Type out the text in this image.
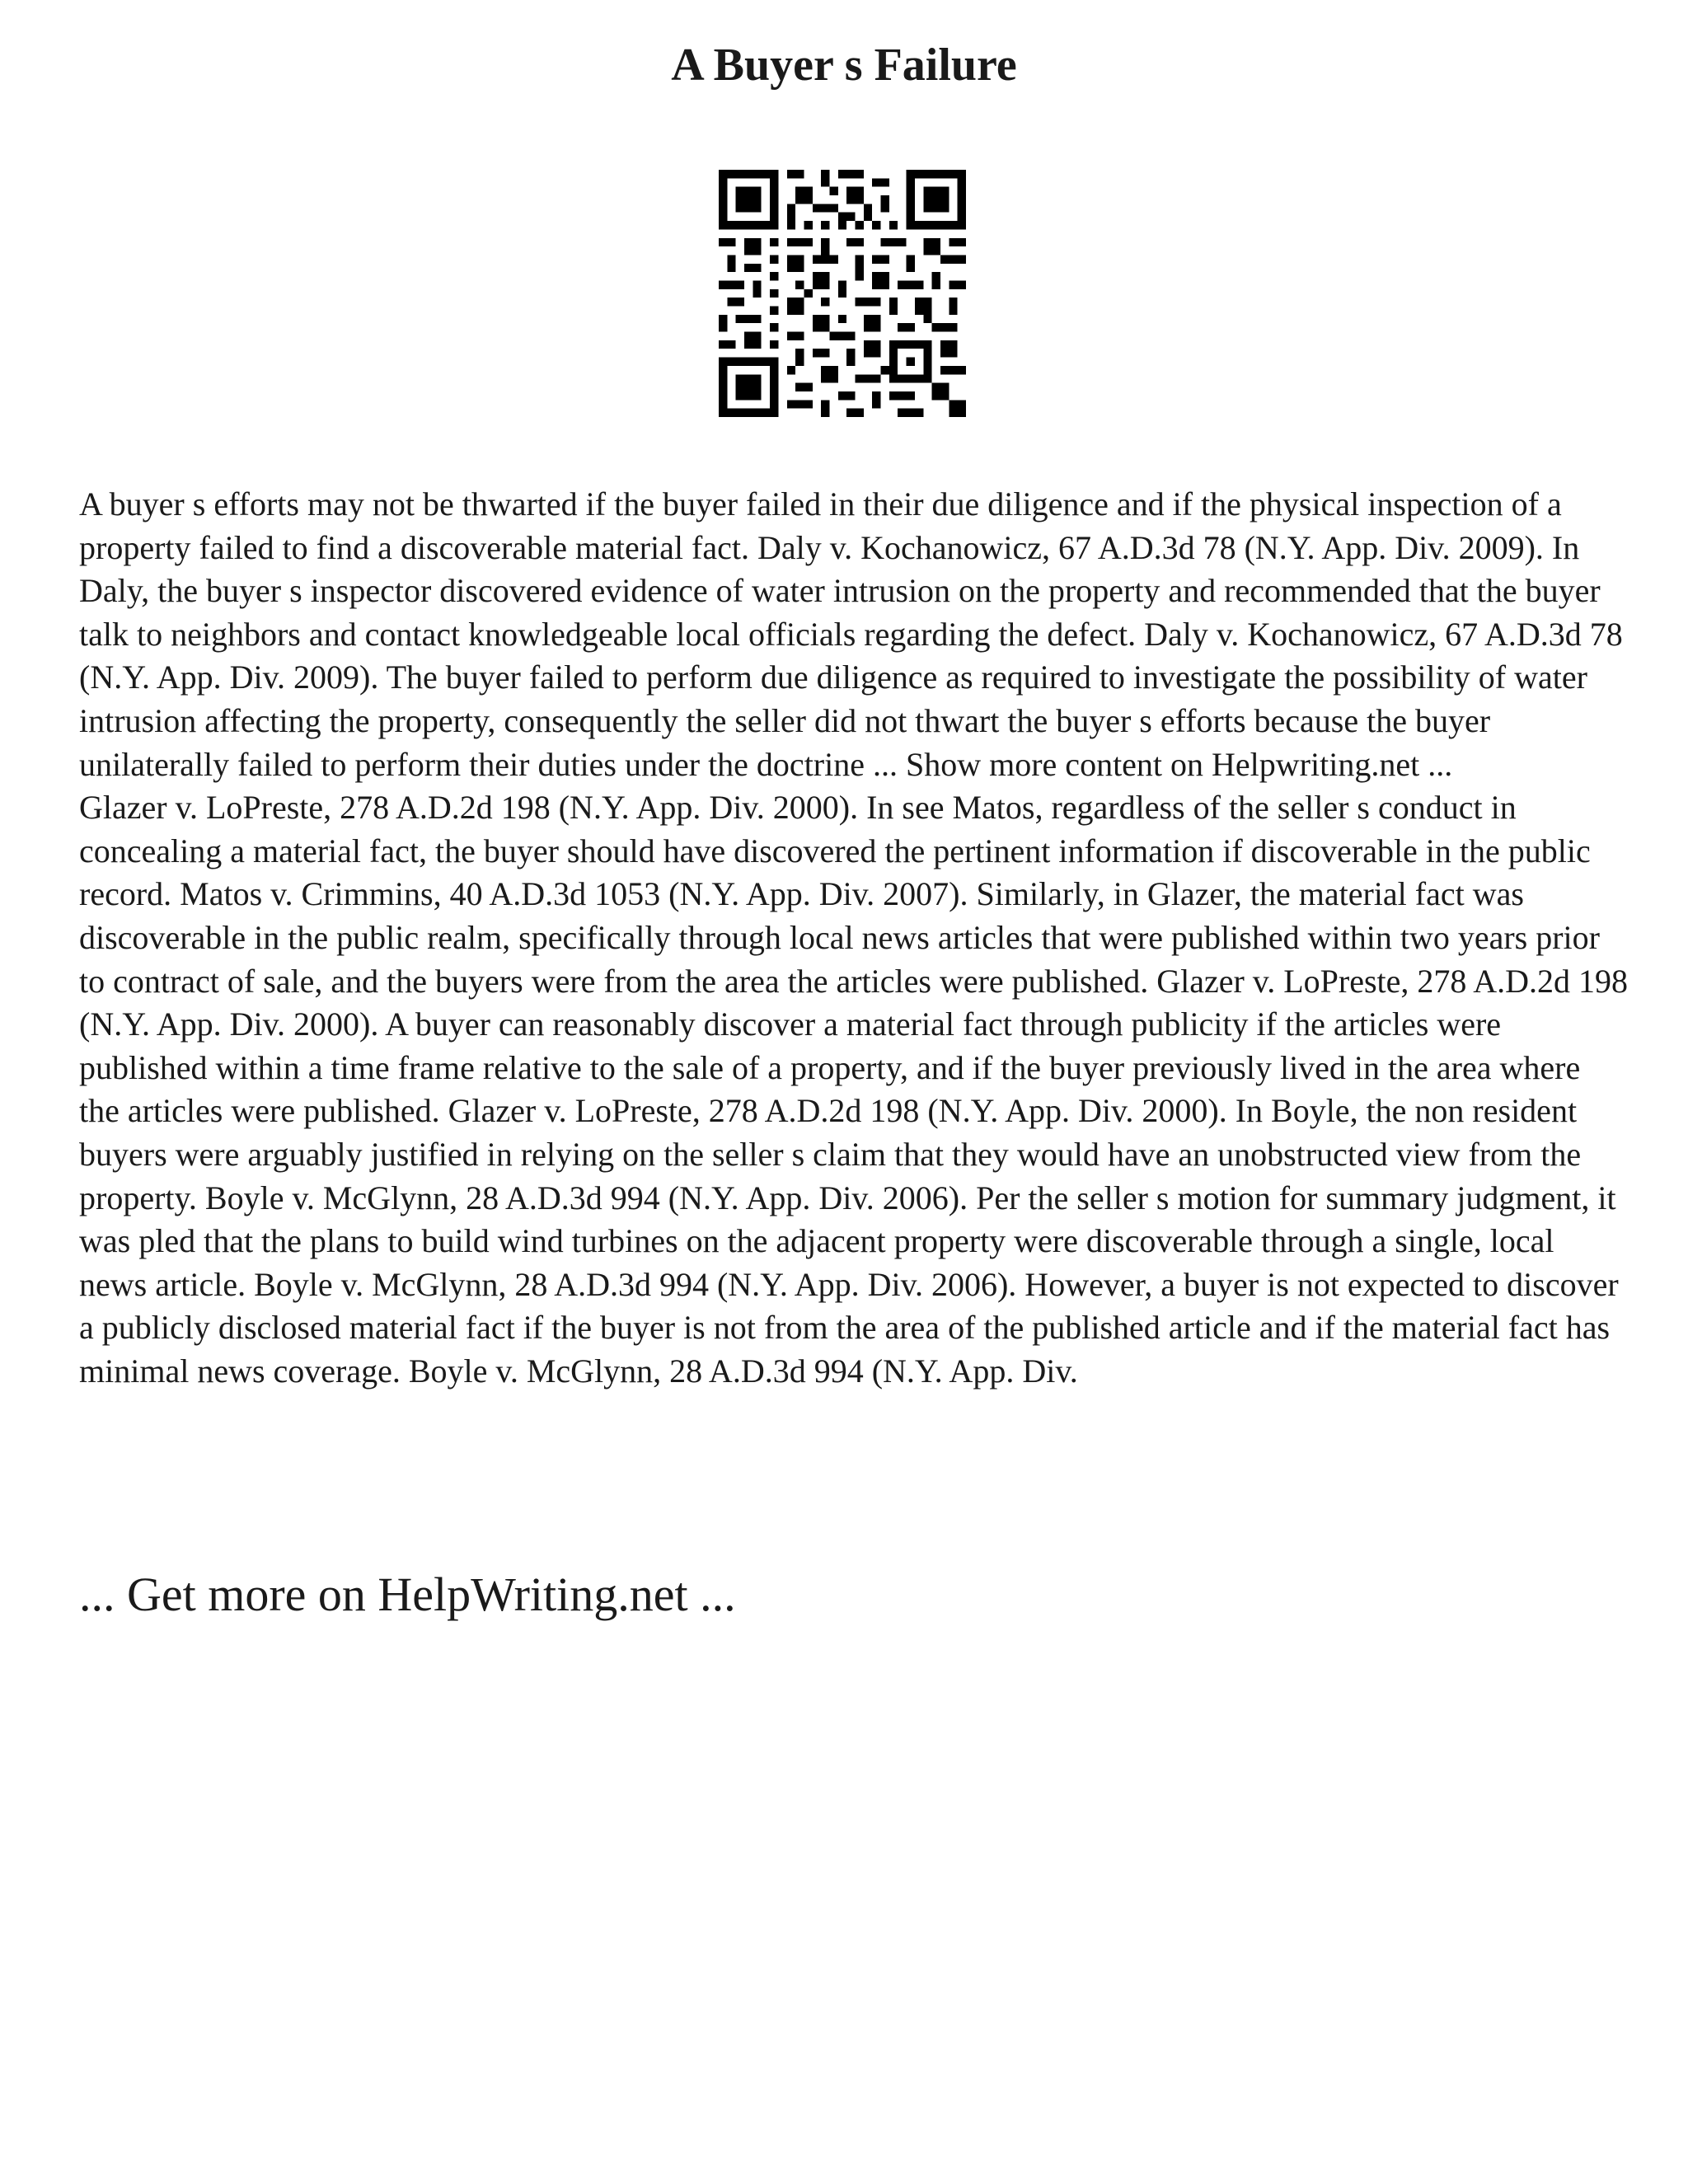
A Buyer s Failure

A buyer s efforts may not be thwarted if the buyer failed in their due diligence and if the physical inspection of a property failed to find a discoverable material fact. Daly v. Kochanowicz, 67 A.D.3d 78 (N.Y. App. Div. 2009). In Daly, the buyer s inspector discovered evidence of water intrusion on the property and recommended that the buyer talk to neighbors and contact knowledgeable local officials regarding the defect. Daly v. Kochanowicz, 67 A.D.3d 78 (N.Y. App. Div. 2009). The buyer failed to perform due diligence as required to investigate the possibility of water intrusion affecting the property, consequently the seller did not thwart the buyer s efforts because the buyer unilaterally failed to perform their duties under the doctrine ... Show more content on Helpwriting.net ...

Glazer v. LoPreste, 278 A.D.2d 198 (N.Y. App. Div. 2000). In see Matos, regardless of the seller s conduct in concealing a material fact, the buyer should have discovered the pertinent information if discoverable in the public record. Matos v. Crimmins, 40 A.D.3d 1053 (N.Y. App. Div. 2007). Similarly, in Glazer, the material fact was discoverable in the public realm, specifically through local news articles that were published within two years prior to contract of sale, and the buyers were from the area the articles were published. Glazer v. LoPreste, 278 A.D.2d 198 (N.Y. App. Div. 2000). A buyer can reasonably discover a material fact through publicity if the articles were published within a time frame relative to the sale of a property, and if the buyer previously lived in the area where the articles were published. Glazer v. LoPreste, 278 A.D.2d 198 (N.Y. App. Div. 2000). In Boyle, the non resident buyers were arguably justified in relying on the seller s claim that they would have an unobstructed view from the property. Boyle v. McGlynn, 28 A.D.3d 994 (N.Y. App. Div. 2006). Per the seller s motion for summary judgment, it was pled that the plans to build wind turbines on the adjacent property were discoverable through a single, local news article. Boyle v. McGlynn, 28 A.D.3d 994 (N.Y. App. Div. 2006). However, a buyer is not expected to discover a publicly disclosed material fact if the buyer is not from the area of the published article and if the material fact has minimal news coverage. Boyle v. McGlynn, 28 A.D.3d 994 (N.Y. App. Div.

... Get more on HelpWriting.net ...
